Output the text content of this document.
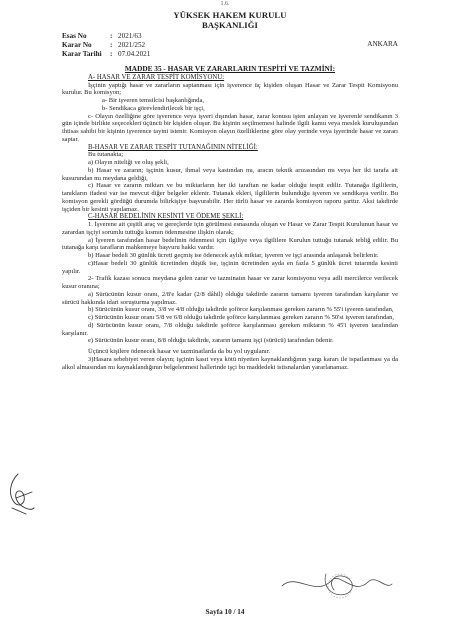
1.6.
YÜKSEK HAKEM KURULU
BAŞKANLIĞI
Esas No	: 2021/63
Karar No	: 2021/252
Karar Tarihi	: 07.04.2021
ANKARA
MADDE 35 - HASAR VE ZARARLARIN TESPİTİ VE TAZMİNİ:
A- HASAR VE ZARAR TESPİT KOMİSYONU:

İşçinin yaptığı hasar ve zararların saptanması için işverence üç kişiden oluşan Hasar ve Zarar Tespit Komisyonu kurulur. Bu komisyon;

a- Bir işveren temsilcisi başkanlığında,

b- Sendikaca görevlendirilecek bir işçi,

c- Olayın özelliğine göre işverence veya işveri dışından hasar, zarar konusu işten anlayan ve işverenle sendikanın 3 gün içinde birlikte seçecekleri üçüncü bir kişiden oluşur. Bu kişinin seçilmemesi halinde ilgili kamu veya meslek kuruluşundan ihtisas sahibi bir kişinin işverence tayini istenir. Komisyon olayın özelliklerine göre olay yerinde veya işyerinde hasar ve zararı saptar.

B-HASAR VE ZARAR TESPİT TUTANAĞININ NİTELİĞİ:

Bu tutanakta;

a) Olayın niteliği ve oluş şekli,

b) Hasar ve zararın; işçinin kusur, ihmal veya kastından mı, aracın teknik arızasından mı veya her iki tarafa ait kusurundan mı meydana geldiği,

c) Hasar ve zararın miktarı ve bu miktarların her iki taraftan ne kadar olduğu tespit edilir. Tutanağa ilgililerin, tanıkların ifadesi var ise mevcut diğer belgeler eklenir. Tutanak ekleri, ilgililerin bulunduğu işveren ve sendikaya verilir. Bu komisyon gerekli gördüğü durumda bilirkişiye başvurabilir. Her türlü hasar ve zararda komisyon raporu şarttır. Aksi takdirde işçiden bir kesinti yapılamaz.

C-HASAR BEDELİNİN KESİNTİ VE ÖDEME ŞEKLİ:

1. İşverene ait çeşitli araç ve gereçlerde için görülmesi esnasında oluşan ve Hasar ve Zarar Tespit Kurulunun hasar ve zarardan işçiyi sorumlu tuttuğu kısmın ödenmesine ilişkin olarak;

a) İşveren tarafından hasar bedelinin ödenmesi için ilgiliye veya ilgililere Kurulun tuttuğu tutanak tebliğ edilir. Bu tutanağa karşı tarafların mahkemeye başvuru hakkı vardır.

b) Hasar bedeli 30 günlük ücreti geçmiş ise ödenecek aylık miktar, işveren ve işçi arasında anlaşarak belirlenir.

c)Hasar bedeli 30 günlük ücretinden düşük ise, işçinin ücretinden ayda en fazla 5 günlük ücret tutarında kesinti yapılır.

2- Trafik kazası sonucu meydana gelen zarar ve tazminatın hasar ve zarar komisyonu veya adli mercilerce verilecek kusur oranına;

a) Sürücünün kusur oranı, 2/8'e kadar (2/8 dâhil) olduğu takdirde zararın tamamı işveren tarafından karşılanır ve sürücü hakkında idari soruşturma yapılmaz.

b) Sürücünün kusur oranı, 3/8 ve 4/8 olduğu takdirde şoförce karşılanması gereken zararın % 55'i işveren tarafından,

c) Sürücünün kusur oranı 5/8 ve 6/8 olduğu takdirde şoförce karşılanması gereken zararın % 50'si işveren tarafından,

d) Sürücünün kusur oranı, 7/8 olduğu takdirde şoförce karşılanması gereken miktarın % 45'i işveren tarafından karşılanır.

e) Sürücünün kusur oranı, 8/8 olduğu takdirde, zararın tamamı işçi (sürücü) tarafından ödenir.

Üçüncü kişilere ödenecek hasar ve tazminatlarda da bu yol uygulanır.

3)Hasara sebebiyet veren olayın; işçinin kasıt veya kötü niyetten kaynaklandığının yargı kararı ile ispatlanması ya da alkol almasından mı kaynaklandığının belgelenmesi hallerinde işçi bu maddedeki istisnalardan yararlanamaz.

Sayfa 10 / 14
